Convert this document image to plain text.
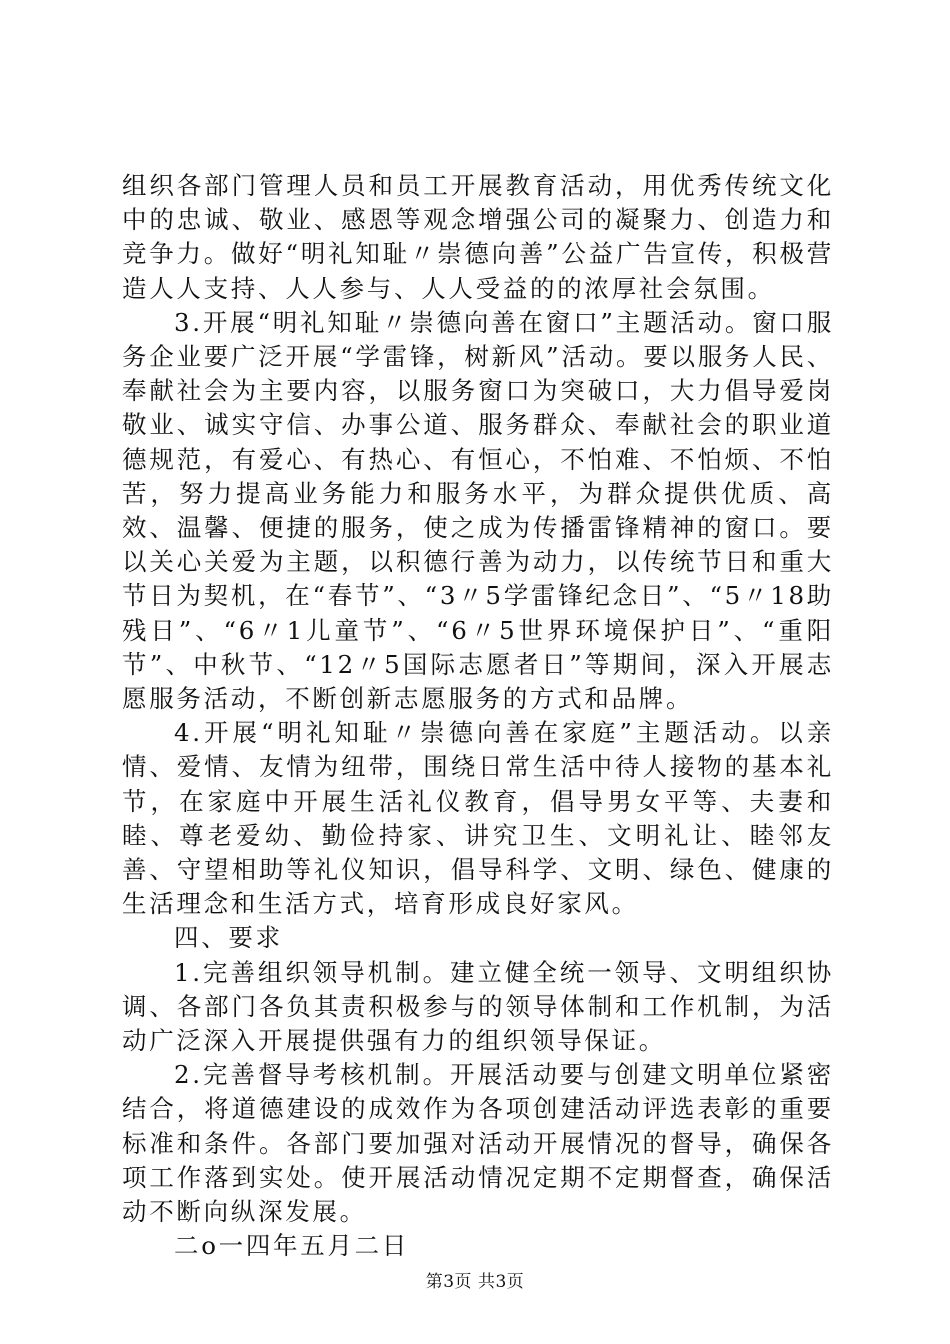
组织各部门管理人员和员工开展教育活动，用优秀传统文化中的忠诚、敬业、感恩等观念增强公司的凝聚力、创造力和竞争力。做好“明礼知耻〃崇德向善”公益广告宣传，积极营造人人支持、人人参与、人人受益的的浓厚社会氛围。

3.开展“明礼知耻〃崇德向善在窗口”主题活动。窗口服务企业要广泛开展“学雷锋，树新风”活动。要以服务人民、奉献社会为主要内容，以服务窗口为突破口，大力倡导爱岗敬业、诚实守信、办事公道、服务群众、奉献社会的职业道德规范，有爱心、有热心、有恒心，不怕难、不怕烦、不怕苦，努力提高业务能力和服务水平，为群众提供优质、高效、温馨、便捷的服务，使之成为传播雷锋精神的窗口。要以关心关爱为主题，以积德行善为动力，以传统节日和重大节日为契机，在“春节”、“3〃5学雷锋纪念日”、“5〃18助残日”、“6〃1儿童节”、“6〃5世界环境保护日”、“重阳节”、中秋节、“12〃5国际志愿者日”等期间，深入开展志愿服务活动，不断创新志愿服务的方式和品牌。

4.开展“明礼知耻〃崇德向善在家庭”主题活动。以亲情、爱情、友情为纽带，围绕日常生活中待人接物的基本礼节，在家庭中开展生活礼仪教育，倡导男女平等、夫妻和睦、尊老爱幼、勤俭持家、讲究卫生、文明礼让、睦邻友善、守望相助等礼仪知识，倡导科学、文明、绿色、健康的生活理念和生活方式，培育形成良好家风。

四、要求

1.完善组织领导机制。建立健全统一领导、文明组织协调、各部门各负其责积极参与的领导体制和工作机制，为活动广泛深入开展提供强有力的组织领导保证。

2.完善督导考核机制。开展活动要与创建文明单位紧密结合，将道德建设的成效作为各项创建活动评选表彰的重要标准和条件。各部门要加强对活动开展情况的督导，确保各项工作落到实处。使开展活动情况定期不定期督查，确保活动不断向纵深发展。

二o一四年五月二日

第3页 共3页
